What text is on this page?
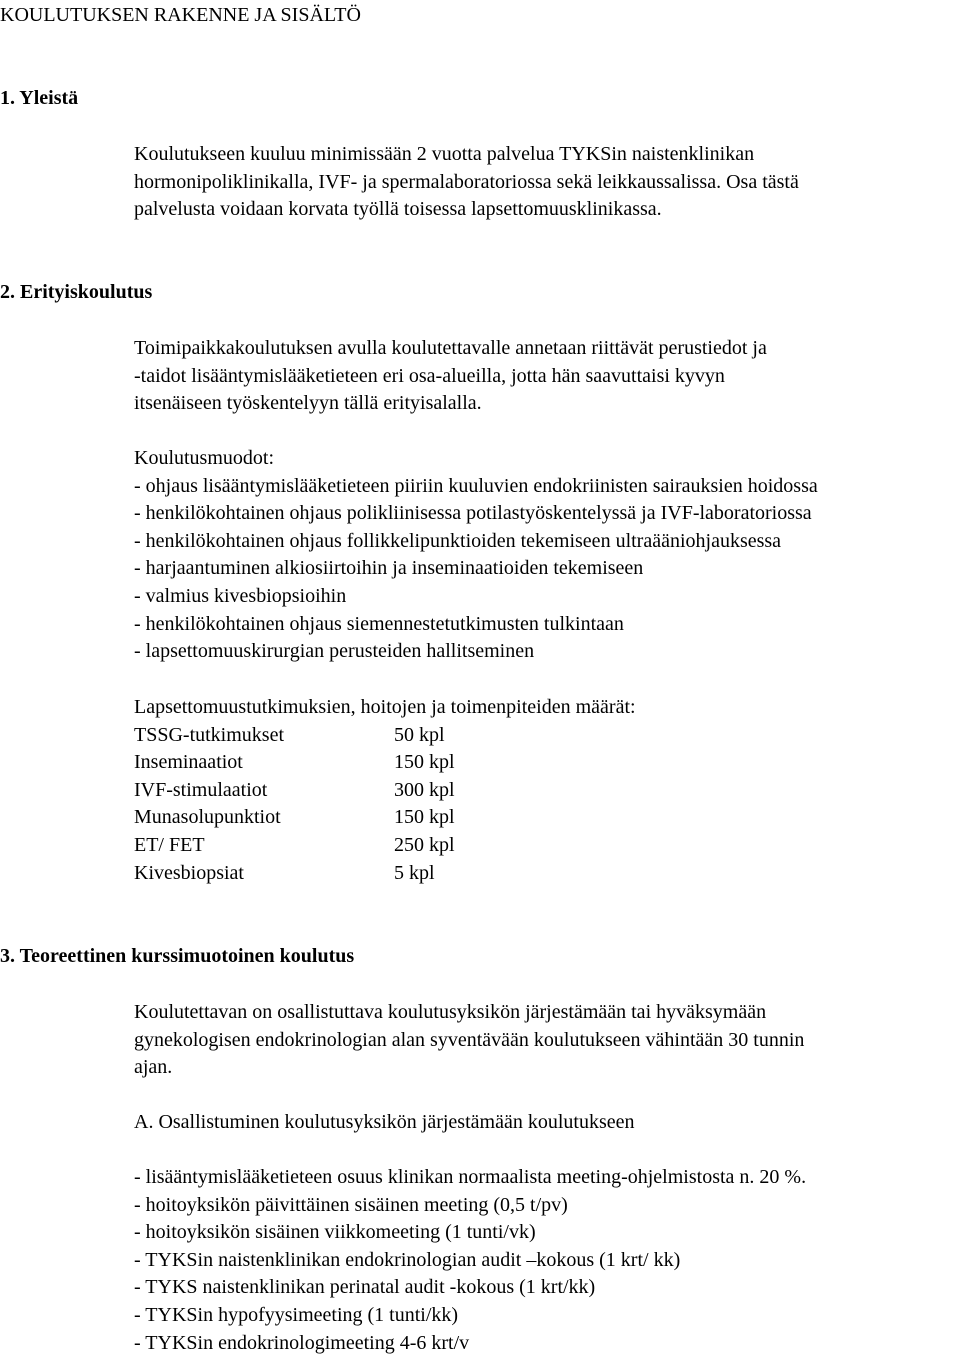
KOULUTUKSEN RAKENNE JA SISÄLTÖ
1. Yleistä
Koulutukseen kuuluu minimissään 2 vuotta palvelua TYKSin naistenklinikan
hormonipoliklinikalla, IVF- ja spermalaboratoriossa sekä leikkaussalissa. Osa tästä
palvelusta voidaan korvata työllä toisessa lapsettomuusklinikassa.
2. Erityiskoulutus
Toimipaikkakoulutuksen avulla koulutettavalle annetaan riittävät perustiedot ja
-taidot lisääntymislääketieteen eri osa-alueilla, jotta hän saavuttaisi kyvyn
itsenäiseen työskentelyyn tällä erityisalalla.
Koulutusmuodot:
- ohjaus lisääntymislääketieteen piiriin kuuluvien endokriinisten sairauksien hoidossa
- henkilökohtainen ohjaus polikliinisessa potilastyöskentelyssä ja IVF-laboratoriossa
- henkilökohtainen ohjaus follikkelipunktioiden tekemiseen ultraääniohjauksessa
- harjaantuminen alkiosiirtoihin ja inseminaatioiden tekemiseen
- valmius kivesbiopsioihin
- henkilökohtainen ohjaus siemennestetutkimusten tulkintaan
- lapsettomuuskirurgian perusteiden hallitseminen
Lapsettomuustutkimuksien, hoitojen ja toimenpiteiden määrät:
TSSG-tutkimukset	50 kpl
Inseminaatiot	150 kpl
IVF-stimulaatiot	300 kpl
Munasolupunktiot	150 kpl
ET/ FET	250 kpl
Kivesbiopsiat	5 kpl
3. Teoreettinen kurssimuotoinen koulutus
Koulutettavan on osallistuttava koulutusyksikön järjestämään tai hyväksymään
gynekologisen endokrinologian alan syventävään koulutukseen vähintään 30 tunnin
ajan.
A. Osallistuminen koulutusyksikön järjestämään koulutukseen
- lisääntymislääketieteen osuus klinikan normaalista meeting-ohjelmistosta n. 20 %.
- hoitoyksikön päivittäinen sisäinen meeting (0,5 t/pv)
- hoitoyksikön sisäinen viikkomeeting (1 tunti/vk)
- TYKSin naistenklinikan endokrinologian audit –kokous (1 krt/ kk)
- TYKS naistenklinikan perinatal audit -kokous (1 krt/kk)
- TYKSin hypofyysimeeting (1 tunti/kk)
- TYKSin endokrinologimeeting 4-6 krt/v
